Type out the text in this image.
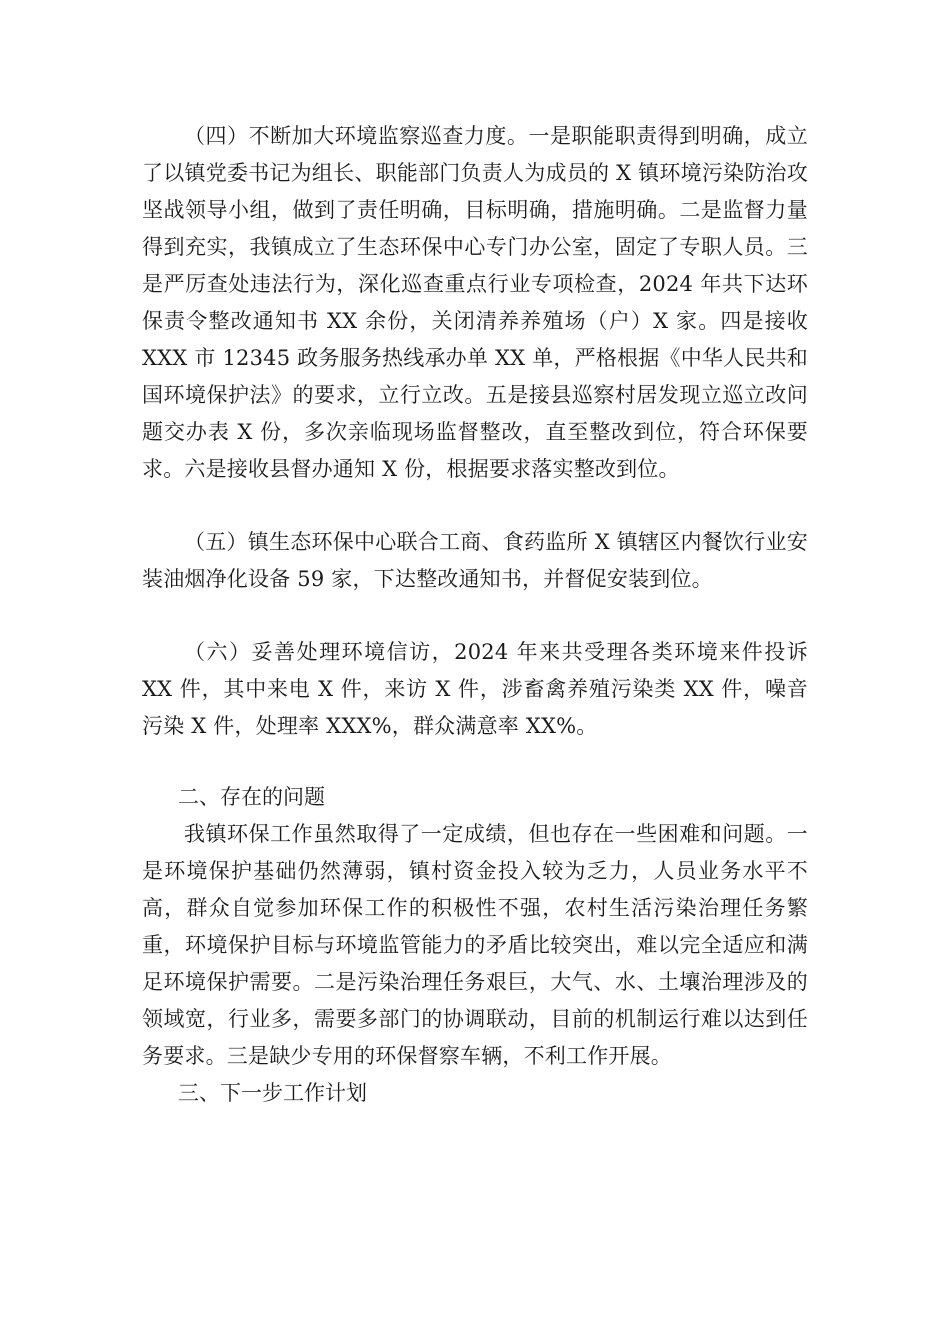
（四）不断加大环境监察巡查力度。一是职能职责得到明确，成立了以镇党委书记为组长、职能部门负责人为成员的 X 镇环境污染防治攻坚战领导小组，做到了责任明确，目标明确，措施明确。二是监督力量得到充实，我镇成立了生态环保中心专门办公室，固定了专职人员。三是严厉查处违法行为，深化巡查重点行业专项检查，2024 年共下达环保责令整改通知书 XX 余份，关闭清养养殖场（户）X 家。四是接收 XXX 市 12345 政务服务热线承办单 XX 单，严格根据《中华人民共和国环境保护法》的要求，立行立改。五是接县巡察村居发现立巡立改问题交办表 X 份，多次亲临现场监督整改，直至整改到位，符合环保要求。六是接收县督办通知 X 份，根据要求落实整改到位。

（五）镇生态环保中心联合工商、食药监所 X 镇辖区内餐饮行业安装油烟净化设备 59 家，下达整改通知书，并督促安装到位。

（六）妥善处理环境信访，2024 年来共受理各类环境来件投诉 XX 件，其中来电 X 件，来访 X 件，涉畜禽养殖污染类 XX 件，噪音污染 X 件，处理率 XXX%，群众满意率 XX%。

二、存在的问题

我镇环保工作虽然取得了一定成绩，但也存在一些困难和问题。一是环境保护基础仍然薄弱，镇村资金投入较为乏力，人员业务水平不高，群众自觉参加环保工作的积极性不强，农村生活污染治理任务繁重，环境保护目标与环境监管能力的矛盾比较突出，难以完全适应和满足环境保护需要。二是污染治理任务艰巨，大气、水、土壤治理涉及的领域宽，行业多，需要多部门的协调联动，目前的机制运行难以达到任务要求。三是缺少专用的环保督察车辆，不利工作开展。

三、下一步工作计划
